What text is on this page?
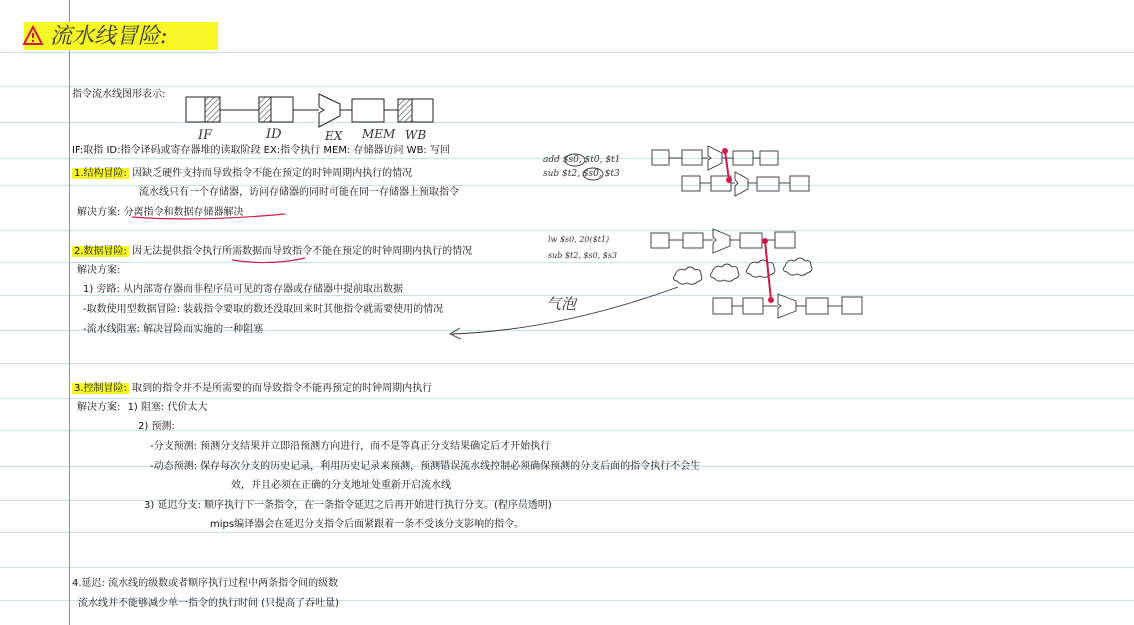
流水线冒险:
指令流水线图形表示:
IF	ID	EX MEM WB
IF:取指 ID:指令译码或寄存器堆的读取阶段 EX:指令执行 MEM: 存储器访问 WB: 写回
1.结构冒险: 因缺乏硬件支持而导致指令不能在预定的时钟周期内执行的情况
流水线只有一个存储器，访问存储器的同时可能在同一存储器上预取指令
解决方案: 分离指令和数据存储器解决
2.数据冒险: 因无法提供指令执行所需数据而导致指令不能在预定的时钟周期内执行的情况
解决方案:
1) 旁路: 从内部寄存器而非程序员可见的寄存器或存储器中提前取出数据
-取数使用型数据冒险: 装载指令要取的数还没取回来时其他指令就需要使用的情况
-流水线阻塞: 解决冒险而实施的一种阻塞
3.控制冒险: 取到的指令并不是所需要的而导致指令不能再预定的时钟周期内执行
解决方案: 1) 阻塞: 代价太大
2) 预测:
-分支预测: 预测分支结果并立即沿预测方向进行，而不是等真正分支结果确定后才开始执行
-动态预测: 保存每次分支的历史记录，利用历史记录来预测，预测错误流水线控制必须确保预测的分支后面的指令执行不会生
效，并且必须在正确的分支地址处重新开启流水线
3) 延迟分支: 顺序执行下一条指令，在一条指令延迟之后再开始进行执行分支。(程序员透明)
mips编译器会在延迟分支指令后面紧跟着一条不受该分支影响的指令。
4.延迟: 流水线的级数或者顺序执行过程中两条指令间的级数
流水线并不能够减少单一指令的执行时间 (只提高了吞吐量)
add $s0, $t0, $t1
sub $t2, $s0, $t3
lw $s0, 20($t1)
sub $t2, $s0, $s3
气泡
